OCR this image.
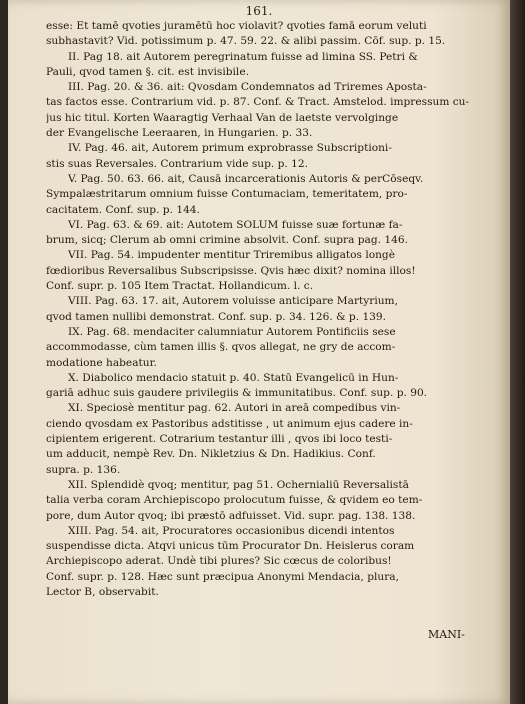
161.
esse: Et tamē qvoties juramētū hoc violavit? qvoties famā eorum veluti
subhastavit? Vid. potissimum p. 47. 59. 22. & alibi passim. Cōf. sup. p. 15.
II. Pag 18. ait Autorem peregrinatum fuisse ad limina SS. Petri &
Pauli, qvod tamen §. cit. est invisibile.
III. Pag. 20. & 36. ait: Qvosdam Condemnatos ad Triremes Aposta-
tas factos esse. Contrarium vid. p. 87. Conf. & Tract. Amstelod. impressum cu-
jus hic titul. Korten Waaragtig Verhaal Van de laetste vervolginge
der Evangelische Leeraaren, in Hungarien. p. 33.
IV. Pag. 46. ait, Autorem primum exprobrasse Subscriptioni-
stis suas Reversales. Contrarium vide sup. p. 12.
V. Pag. 50. 63. 66. ait, Causā incarcerationis Autoris & perCōseqv.
Sympalæstritarum omnium fuisse Contumaciam, temeritatem, pro-
cacitatem. Conf. sup. p. 144.
VI. Pag. 63. & 69. ait: Autotem SOLUM fuisse suæ fortunæ fa-
brum, sicq; Clerum ab omni crimine absolvit. Conf. supra pag. 146.
VII. Pag. 54. impudenter mentitur Triremibus alligatos longè
fœdioribus Reversalibus Subscripsisse. Qvis hæc dixit? nomina illos!
Conf. supr. p. 105 Item Tractat. Hollandicum. l. c.
VIII. Pag. 63. 17. ait, Autorem voluisse anticipare Martyrium,
qvod tamen nullibi demonstrat. Conf. sup. p. 34. 126. & p. 139.
IX. Pag. 68. mendaciter calumniatur Autorem Pontificiis sese
accommodasse, cùm tamen illis §. qvos allegat, ne gry de accom-
modatione habeatur.
X. Diabolico mendacio statuit p. 40. Statū Evangelicū in Hun-
gariā adhuc suis gaudere privilegiis & immunitatibus. Conf. sup. p. 90.
XI. Speciosè mentitur pag. 62. Autori in areā compedibus vin-
ciendo qvosdam ex Pastoribus adstitisse , ut animum ejus cadere in-
cipientem erigerent. Cotrarium testantur illi , qvos ibi loco testi-
um adducit, nempè Rev. Dn. Nikletzius & Dn. Hadikius. Conf.
supra. p. 136.
XII. Splendidè qvoq; mentitur, pag 51. Ochernialiū Reversalistā
talia verba coram Archiepiscopo prolocutum fuisse, & qvidem eo tem-
pore, dum Autor qvoq; ibi præstō adfuisset. Vid. supr. pag. 138. 138.
XIII. Pag. 54. ait, Procuratores occasionibus dicendi intentos
suspendisse dicta. Atqvi unicus tūm Procurator Dn. Heislerus coram
Archiepiscopo aderat. Undè tibi plures? Sic cœcus de coloribus!
Conf. supr. p. 128. Hæc sunt præcipua Anonymi Mendacia, plura,
Lector B, observabit.
MANI-
